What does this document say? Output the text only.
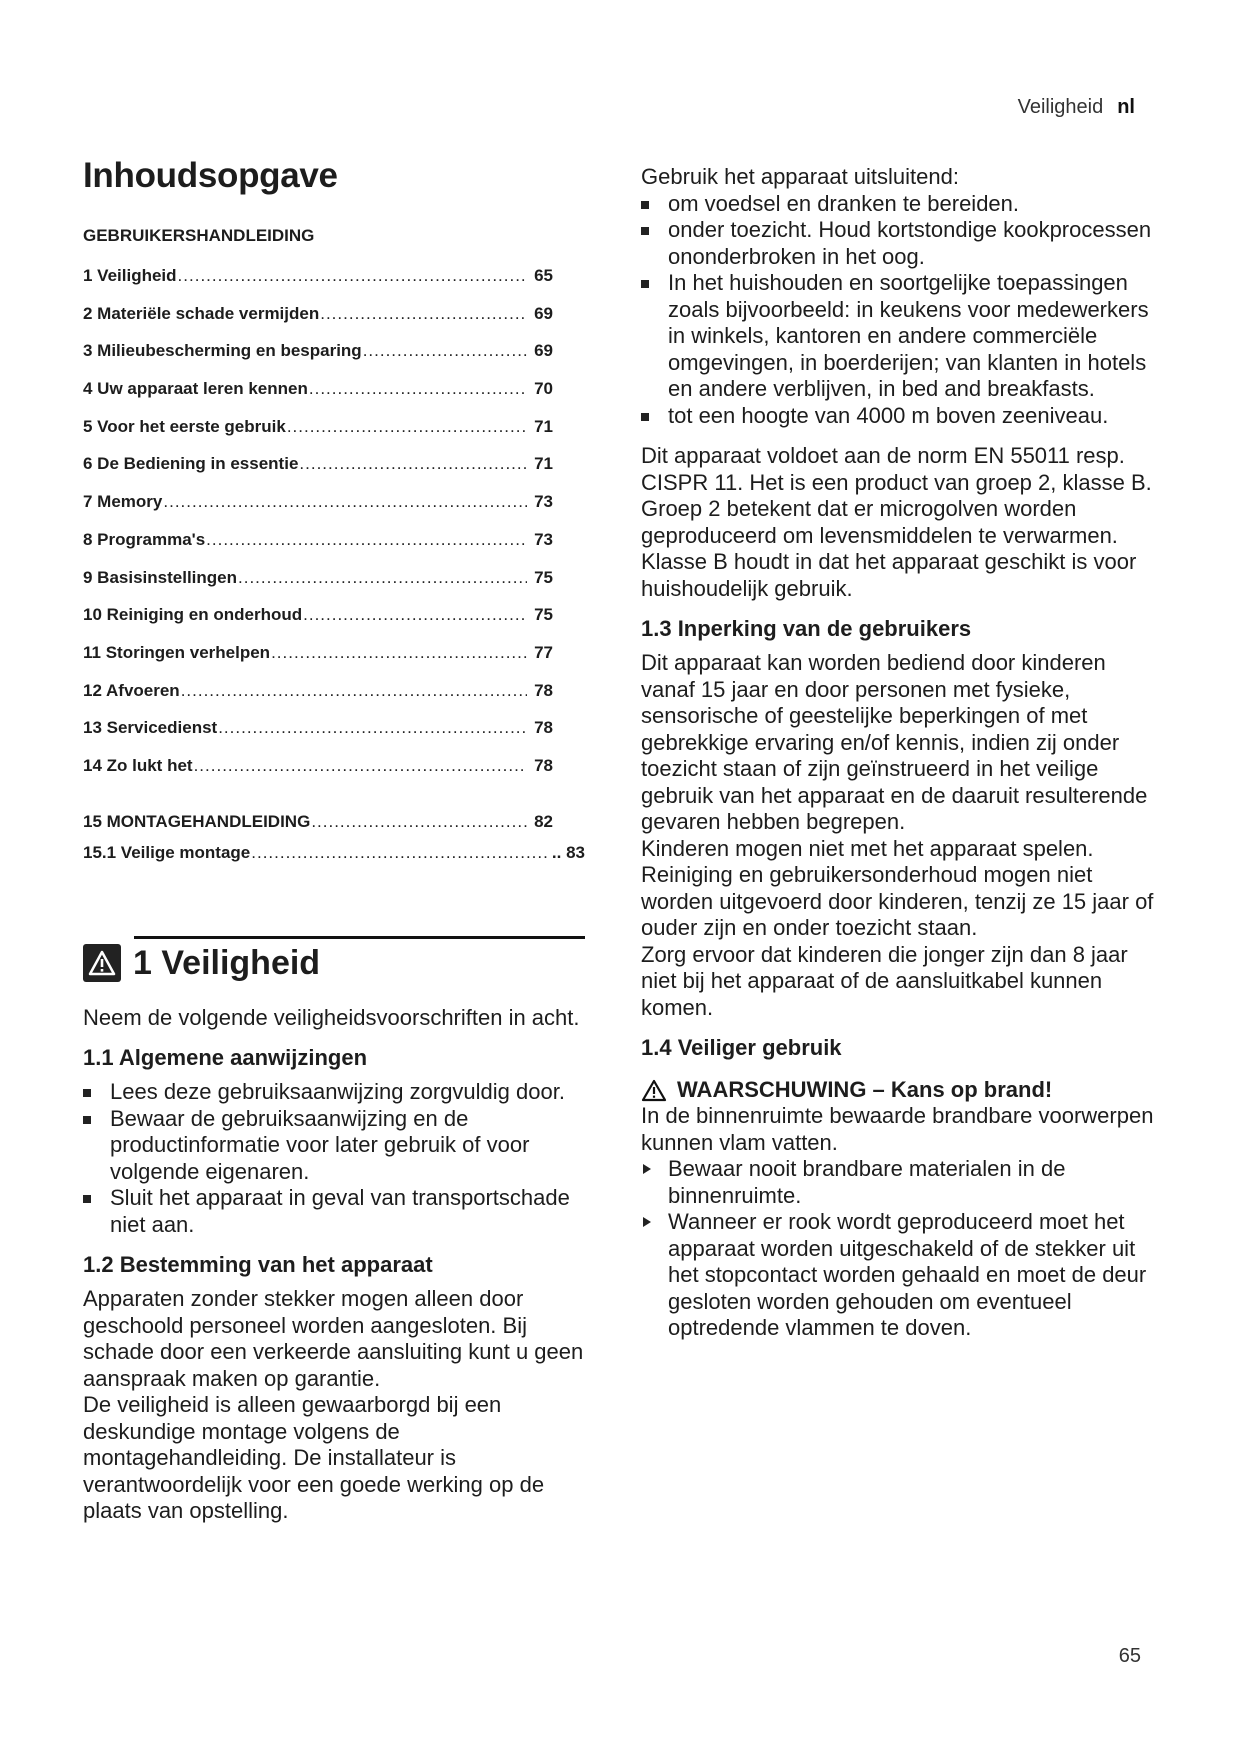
Veiligheid nl
Inhoudsopgave
GEBRUIKERSHANDLEIDING
1 Veiligheid .....	65
2 Materiële schade vermijden .....	69
3 Milieubescherming en besparing .....	69
4 Uw apparaat leren kennen .....	70
5 Voor het eerste gebruik .....	71
6 De Bediening in essentie .....	71
7 Memory .....	73
8 Programma's .....	73
9 Basisinstellingen .....	75
10 Reiniging en onderhoud .....	75
11 Storingen verhelpen .....	77
12 Afvoeren .....	78
13 Servicedienst .....	78
14 Zo lukt het .....	78
15 MONTAGEHANDLEIDING .....	82
15.1 Veilige montage .....	.. 83
1 Veiligheid

Neem de volgende veiligheidsvoorschriften in acht.

1.1 Algemene aanwijzingen
Lees deze gebruiksaanwijzing zorgvuldig door.
Bewaar de gebruiksaanwijzing en de productinformatie voor later gebruik of voor volgende eigenaren.
Sluit het apparaat in geval van transportschade niet aan.
1.2 Bestemming van het apparaat

Apparaten zonder stekker mogen alleen door geschoold personeel worden aangesloten. Bij schade door een verkeerde aansluiting kunt u geen aanspraak maken op garantie.

De veiligheid is alleen gewaarborgd bij een deskundige montage volgens de montagehandleiding. De installateur is verantwoordelijk voor een goede werking op de plaats van opstelling.

Gebruik het apparaat uitsluitend:

om voedsel en dranken te bereiden.
onder toezicht. Houd kortstondige kookprocessen ononderbroken in het oog.
In het huishouden en soortgelijke toepassingen zoals bijvoorbeeld: in keukens voor medewerkers in winkels, kantoren en andere commerciële omgevingen, in boerderijen; van klanten in hotels en andere verblijven, in bed and breakfasts.
tot een hoogte van 4000 m boven zeeniveau.

Dit apparaat voldoet aan de norm EN 55011 resp. CISPR 11. Het is een product van groep 2, klasse B. Groep 2 betekent dat er microgolven worden geproduceerd om levensmiddelen te verwarmen. Klasse B houdt in dat het apparaat geschikt is voor huishoudelijk gebruik.

1.3 Inperking van de gebruikers

Dit apparaat kan worden bediend door kinderen vanaf 15 jaar en door personen met fysieke, sensorische of geestelijke beperkingen of met gebrekkige ervaring en/of kennis, indien zij onder toezicht staan of zijn geïnstrueerd in het veilige gebruik van het apparaat en de daaruit resulterende gevaren hebben begrepen.

Kinderen mogen niet met het apparaat spelen.

Reiniging en gebruikersonderhoud mogen niet worden uitgevoerd door kinderen, tenzij ze 15 jaar of ouder zijn en onder toezicht staan.

Zorg ervoor dat kinderen die jonger zijn dan 8 jaar niet bij het apparaat of de aansluitkabel kunnen komen.

1.4 Veiliger gebruik
WAARSCHUWING – Kans op brand!

In de binnenruimte bewaarde brandbare voorwerpen kunnen vlam vatten.

Bewaar nooit brandbare materialen in de binnenruimte.
Wanneer er rook wordt geproduceerd moet het apparaat worden uitgeschakeld of de stekker uit het stopcontact worden gehaald en moet de deur gesloten worden gehouden om eventueel optredende vlammen te doven.
65
